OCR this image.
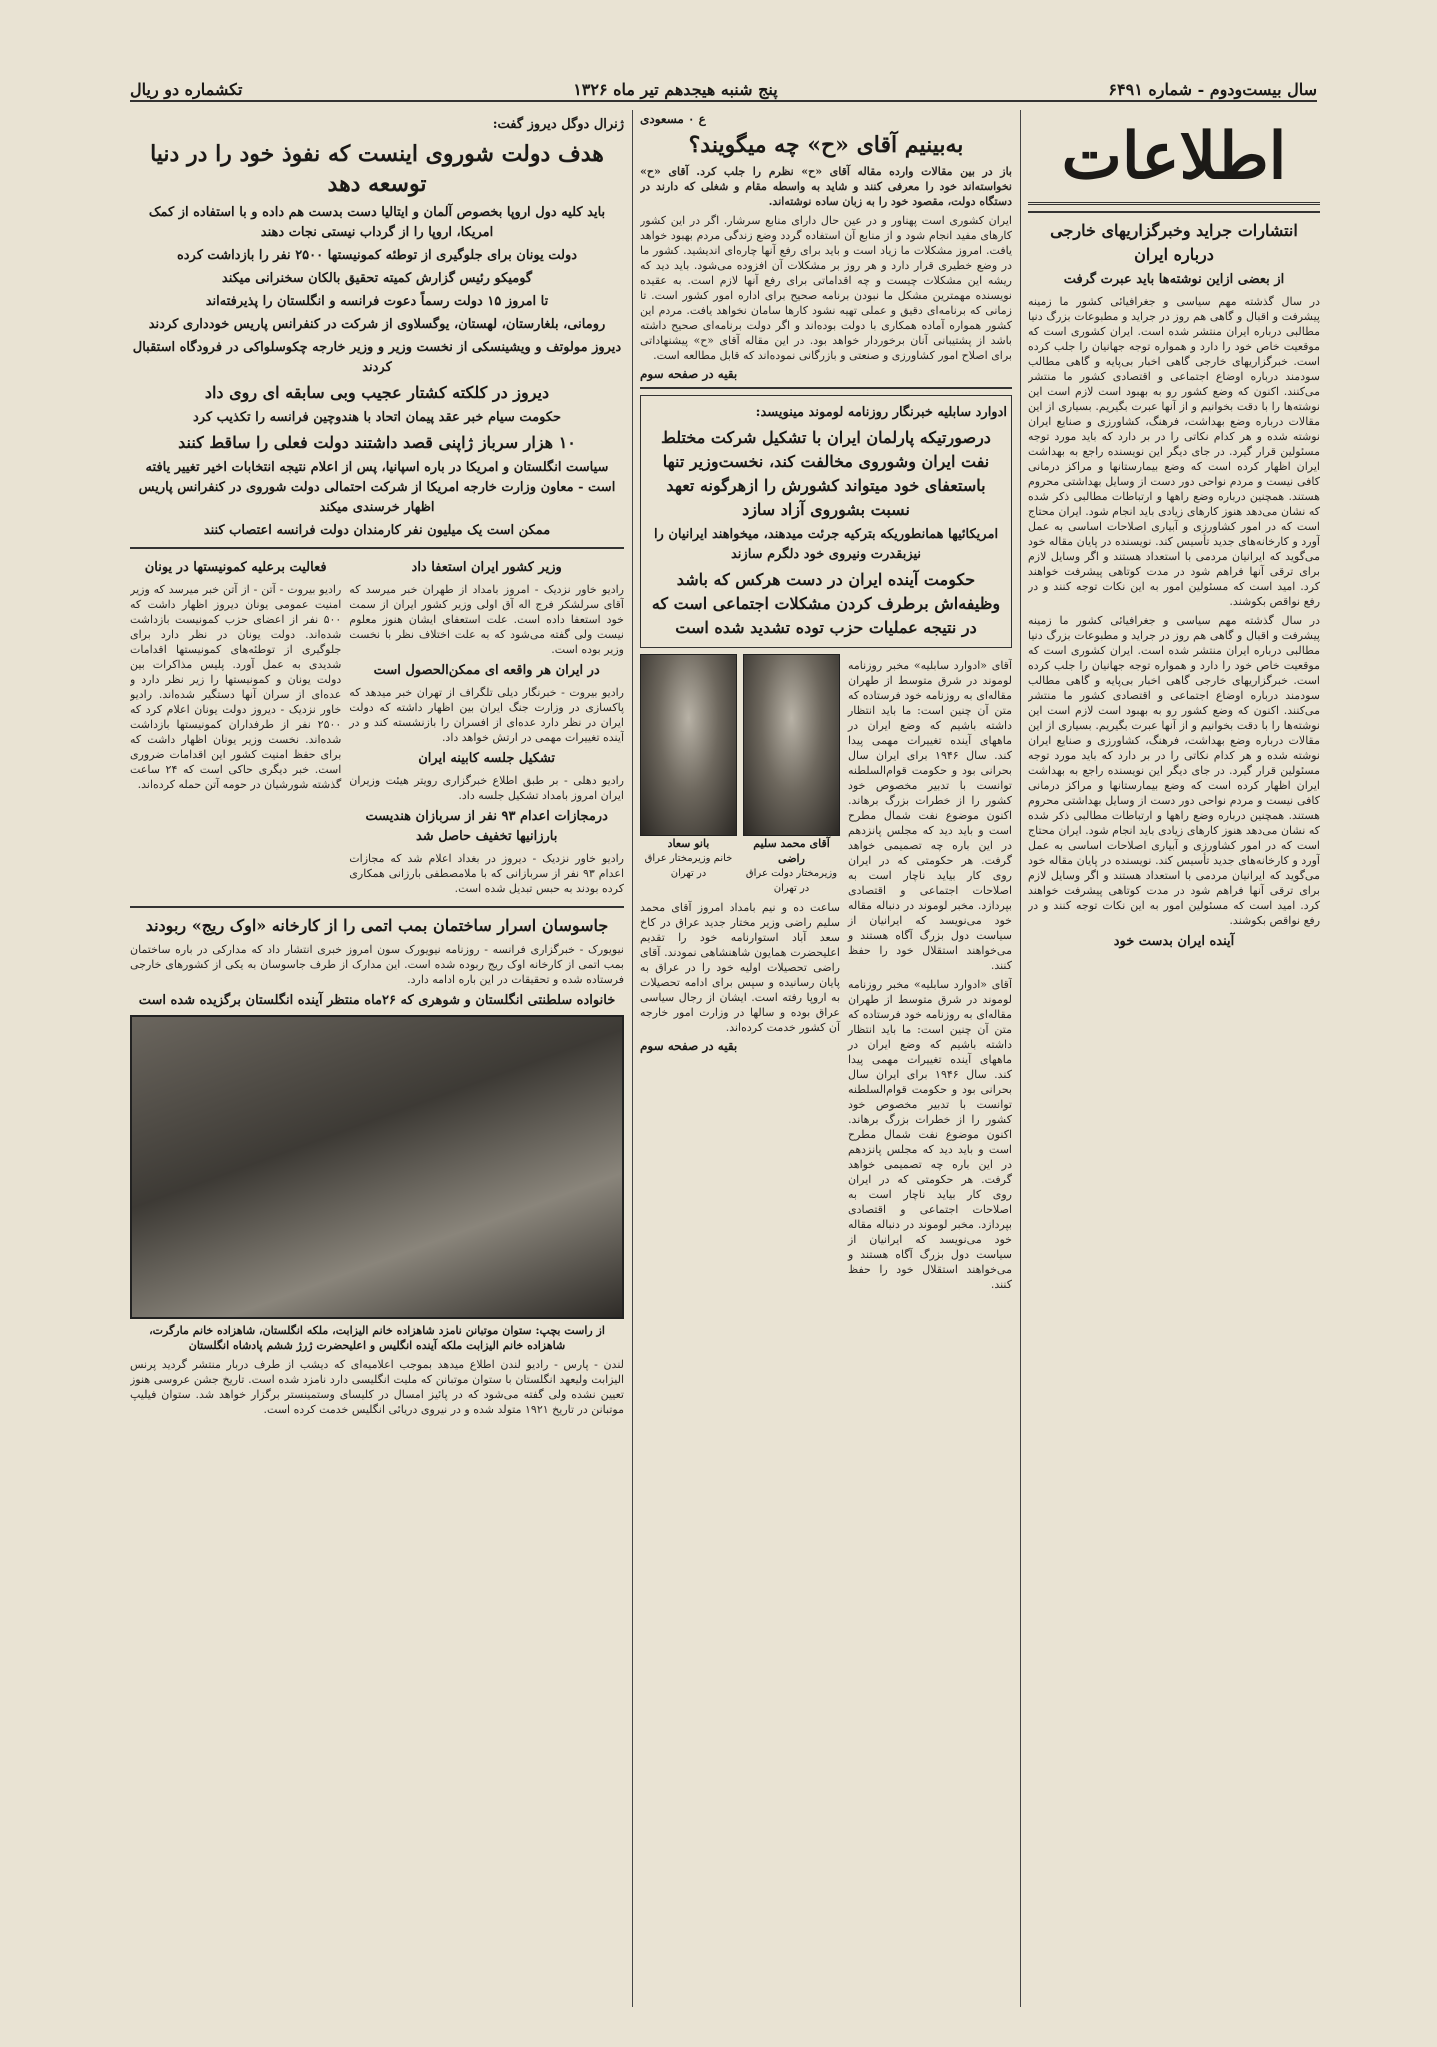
سال بیست‌ودوم - شماره ۶۴۹۱
پنج شنبه هیجدهم تیر ماه ۱۳۲۶
تکشماره دو ریال
اطلاعات
انتشارات جراید وخبرگزاریهای خارجی درباره ایران
از بعضی ازاین نوشته‌ها باید عبرت گرفت
در سال گذشته مهم سیاسی و جغرافیائی کشور ما زمینه پیشرفت و اقبال و گاهی هم روز در جراید و مطبوعات بزرگ دنیا مطالبی درباره ایران منتشر شده است. ایران کشوری است که موقعیت خاص خود را دارد و همواره توجه جهانیان را جلب کرده است. خبرگزاریهای خارجی گاهی اخبار بی‌پایه و گاهی مطالب سودمند درباره اوضاع اجتماعی و اقتصادی کشور ما منتشر می‌کنند. اکنون که وضع کشور رو به بهبود است لازم است این نوشته‌ها را با دقت بخوانیم و از آنها عبرت بگیریم. بسیاری از این مقالات درباره وضع بهداشت، فرهنگ، کشاورزی و صنایع ایران نوشته شده و هر کدام نکاتی را در بر دارد که باید مورد توجه مسئولین قرار گیرد. در جای دیگر این نویسنده راجع به بهداشت ایران اظهار کرده است که وضع بیمارستانها و مراکز درمانی کافی نیست و مردم نواحی دور دست از وسایل بهداشتی محروم هستند. همچنین درباره وضع راهها و ارتباطات مطالبی ذکر شده که نشان می‌دهد هنوز کارهای زیادی باید انجام شود. ایران محتاج است که در امور کشاورزی و آبیاری اصلاحات اساسی به عمل آورد و کارخانه‌های جدید تأسیس کند. نویسنده در پایان مقاله خود می‌گوید که ایرانیان مردمی با استعداد هستند و اگر وسایل لازم برای ترقی آنها فراهم شود در مدت کوتاهی پیشرفت خواهند کرد. امید است که مسئولین امور به این نکات توجه کنند و در رفع نواقص بکوشند.
در سال گذشته مهم سیاسی و جغرافیائی کشور ما زمینه پیشرفت و اقبال و گاهی هم روز در جراید و مطبوعات بزرگ دنیا مطالبی درباره ایران منتشر شده است. ایران کشوری است که موقعیت خاص خود را دارد و همواره توجه جهانیان را جلب کرده است. خبرگزاریهای خارجی گاهی اخبار بی‌پایه و گاهی مطالب سودمند درباره اوضاع اجتماعی و اقتصادی کشور ما منتشر می‌کنند. اکنون که وضع کشور رو به بهبود است لازم است این نوشته‌ها را با دقت بخوانیم و از آنها عبرت بگیریم. بسیاری از این مقالات درباره وضع بهداشت، فرهنگ، کشاورزی و صنایع ایران نوشته شده و هر کدام نکاتی را در بر دارد که باید مورد توجه مسئولین قرار گیرد. در جای دیگر این نویسنده راجع به بهداشت ایران اظهار کرده است که وضع بیمارستانها و مراکز درمانی کافی نیست و مردم نواحی دور دست از وسایل بهداشتی محروم هستند. همچنین درباره وضع راهها و ارتباطات مطالبی ذکر شده که نشان می‌دهد هنوز کارهای زیادی باید انجام شود. ایران محتاج است که در امور کشاورزی و آبیاری اصلاحات اساسی به عمل آورد و کارخانه‌های جدید تأسیس کند. نویسنده در پایان مقاله خود می‌گوید که ایرانیان مردمی با استعداد هستند و اگر وسایل لازم برای ترقی آنها فراهم شود در مدت کوتاهی پیشرفت خواهند کرد. امید است که مسئولین امور به این نکات توجه کنند و در رفع نواقص بکوشند.
آینده ایران بدست خود
ع ۰ مسعودی
به‌بینیم آقای «ح» چه میگویند؟
باز در بین مقالات وارده مقاله آقای «ح» نظرم را جلب کرد. آقای «ح» نخواسته‌اند خود را معرفی کنند و شاید به واسطه مقام و شغلی که دارند در دستگاه دولت، مقصود خود را به زبان ساده نوشته‌اند.
ایران کشوری است پهناور و در عین حال دارای منابع سرشار. اگر در این کشور کارهای مفید انجام شود و از منابع آن استفاده گردد وضع زندگی مردم بهبود خواهد یافت. امروز مشکلات ما زیاد است و باید برای رفع آنها چاره‌ای اندیشید. کشور ما در وضع خطیری قرار دارد و هر روز بر مشکلات آن افزوده می‌شود. باید دید که ریشه این مشکلات چیست و چه اقداماتی برای رفع آنها لازم است. به عقیده نویسنده مهمترین مشکل ما نبودن برنامه صحیح برای اداره امور کشور است. تا زمانی که برنامه‌ای دقیق و عملی تهیه نشود کارها سامان نخواهد یافت. مردم این کشور همواره آماده همکاری با دولت بوده‌اند و اگر دولت برنامه‌ای صحیح داشته باشد از پشتیبانی آنان برخوردار خواهد بود. در این مقاله آقای «ح» پیشنهاداتی برای اصلاح امور کشاورزی و صنعتی و بازرگانی نموده‌اند که قابل مطالعه است.
بقیه در صفحه سوم
ادوارد سابلیه خبرنگار روزنامه لوموند مینویسد:
درصورتیکه پارلمان ایران با تشکیل شرکت مختلط نفت ایران وشوروی مخالفت کند، نخست‌وزیر تنها باستعفای خود میتواند کشورش را ازهرگونه تعهد نسبت بشوروی آزاد سازد
امریکائیها همانطوریکه بترکیه جرئت میدهند، میخواهند ایرانیان را نیزبقدرت ونیروی خود دلگرم سازند
حکومت آینده ایران در دست هرکس که باشد وظیفه‌اش برطرف کردن مشکلات اجتماعی است که در نتیجه عملیات حزب توده تشدید شده است
آقای «ادوارد سابلیه» مخبر روزنامه لوموند در شرق متوسط از طهران مقاله‌ای به روزنامه خود فرستاده که متن آن چنین است: ما باید انتظار داشته باشیم که وضع ایران در ماههای آینده تغییرات مهمی پیدا کند. سال ۱۹۴۶ برای ایران سال بحرانی بود و حکومت قوام‌السلطنه توانست با تدبیر مخصوص خود کشور را از خطرات بزرگ برهاند. اکنون موضوع نفت شمال مطرح است و باید دید که مجلس پانزدهم در این باره چه تصمیمی خواهد گرفت. هر حکومتی که در ایران روی کار بیاید ناچار است به اصلاحات اجتماعی و اقتصادی بپردازد. مخبر لوموند در دنباله مقاله خود می‌نویسد که ایرانیان از سیاست دول بزرگ آگاه هستند و می‌خواهند استقلال خود را حفظ کنند.
آقای «ادوارد سابلیه» مخبر روزنامه لوموند در شرق متوسط از طهران مقاله‌ای به روزنامه خود فرستاده که متن آن چنین است: ما باید انتظار داشته باشیم که وضع ایران در ماههای آینده تغییرات مهمی پیدا کند. سال ۱۹۴۶ برای ایران سال بحرانی بود و حکومت قوام‌السلطنه توانست با تدبیر مخصوص خود کشور را از خطرات بزرگ برهاند. اکنون موضوع نفت شمال مطرح است و باید دید که مجلس پانزدهم در این باره چه تصمیمی خواهد گرفت. هر حکومتی که در ایران روی کار بیاید ناچار است به اصلاحات اجتماعی و اقتصادی بپردازد. مخبر لوموند در دنباله مقاله خود می‌نویسد که ایرانیان از سیاست دول بزرگ آگاه هستند و می‌خواهند استقلال خود را حفظ کنند.
آقای محمد سلیم راضی
وزیرمختار دولت عراق در تهران
بانو سعاد
خانم وزیرمختار عراق در تهران
ساعت ده و نیم بامداد امروز آقای محمد سلیم راضی وزیر مختار جدید عراق در کاخ سعد آباد استوارنامه خود را تقدیم اعلیحضرت همایون شاهنشاهی نمودند. آقای راضی تحصیلات اولیه خود را در عراق به پایان رسانیده و سپس برای ادامه تحصیلات به اروپا رفته است. ایشان از رجال سیاسی عراق بوده و سالها در وزارت امور خارجه آن کشور خدمت کرده‌اند.
بقیه در صفحه سوم
ژنرال دوگل دیروز گفت:
هدف دولت شوروی اینست که نفوذ خود را در دنیا توسعه دهد
باید کلیه دول اروپا بخصوص آلمان و ایتالیا دست بدست هم داده و با استفاده از کمک امریکا، اروپا را از گرداب نیستی نجات دهند
دولت یونان برای جلوگیری از توطئه کمونیستها ۲۵۰۰ نفر را بازداشت کرده
گومیکو رئیس گزارش کمیته تحقیق بالکان سخنرانی میکند
تا امروز ۱۵ دولت رسماً دعوت فرانسه و انگلستان را پذیرفته‌اند
رومانی، بلغارستان، لهستان، یوگسلاوی از شرکت در کنفرانس پاریس خودداری کردند
دیروز مولوتف و ویشینسکی از نخست وزیر و وزیر خارجه چکوسلواکی در فرودگاه استقبال کردند
دیروز در کلکته کشتار عجیب وبی سابقه ای روی داد
حکومت سیام خبر عقد پیمان اتحاد با هندوچین فرانسه را تکذیب کرد
۱۰ هزار سرباز ژاپنی قصد داشتند دولت فعلی را ساقط کنند
سیاست انگلستان و امریکا در باره اسپانیا، پس از اعلام نتیجه انتخابات اخیر تغییر یافته است - معاون وزارت خارجه امریکا از شرکت احتمالی دولت شوروی در کنفرانس پاریس اظهار خرسندی میکند
ممکن است یک میلیون نفر کارمندان دولت فرانسه اعتصاب کنند
وزیر کشور ایران استعفا داد
رادیو خاور نزدیک - امروز بامداد از طهران خبر میرسد که آقای سرلشکر فرج اله آق اولی وزیر کشور ایران از سمت خود استعفا داده است. علت استعفای ایشان هنوز معلوم نیست ولی گفته می‌شود که به علت اختلاف نظر با نخست وزیر بوده است.
در ایران هر واقعه ای ممکن‌الحصول است
رادیو بیروت - خبرنگار دیلی تلگراف از تهران خبر میدهد که پاکسازی در وزارت جنگ ایران بین اظهار داشته که دولت ایران در نظر دارد عده‌ای از افسران را بازنشسته کند و در آینده تغییرات مهمی در ارتش خواهد داد.
تشکیل جلسه کابینه ایران
رادیو دهلی - بر طبق اطلاع خبرگزاری رویتر هیئت وزیران ایران امروز بامداد تشکیل جلسه داد.
درمجازات اعدام ۹۳ نفر از سربازان هندیست بارزانیها تخفیف حاصل شد
رادیو خاور نزدیک - دیروز در بغداد اعلام شد که مجازات اعدام ۹۳ نفر از سربازانی که با ملامصطفی بارزانی همکاری کرده بودند به حبس تبدیل شده است.
فعالیت برعلیه کمونیستها در یونان
رادیو بیروت - آتن - از آتن خبر میرسد که وزیر امنیت عمومی یونان دیروز اظهار داشت که ۵۰۰ نفر از اعضای حزب کمونیست بازداشت شده‌اند. دولت یونان در نظر دارد برای جلوگیری از توطئه‌های کمونیستها اقدامات شدیدی به عمل آورد. پلیس مذاکرات بین دولت یونان و کمونیستها را زیر نظر دارد و عده‌ای از سران آنها دستگیر شده‌اند. رادیو خاور نزدیک - دیروز دولت یونان اعلام کرد که ۲۵۰۰ نفر از طرفداران کمونیستها بازداشت شده‌اند. نخست وزیر یونان اظهار داشت که برای حفظ امنیت کشور این اقدامات ضروری است. خبر دیگری حاکی است که ۲۴ ساعت گذشته شورشیان در حومه آتن حمله کرده‌اند.
جاسوسان اسرار ساختمان بمب اتمی را از کارخانه «اوک ریج» ربودند
نیویورک - خبرگزاری فرانسه - روزنامه نیویورک سون امروز خبری انتشار داد که مدارکی در باره ساختمان بمب اتمی از کارخانه اوک ریج ربوده شده است. این مدارک از طرف جاسوسان به یکی از کشورهای خارجی فرستاده شده و تحقیقات در این باره ادامه دارد.
خانواده سلطنتی انگلستان و شوهری که ۲۶ماه منتظر آینده انگلستان برگزیده شده است
از راست بچپ: ستوان موتبانن نامزد شاهزاده خانم الیزابت، ملکه انگلستان، شاهزاده خانم مارگرت، شاهزاده خانم الیزابت ملکه آینده انگلیس و اعلیحضرت ژرژ ششم پادشاه انگلستان
لندن - پارس - رادیو لندن اطلاع میدهد بموجب اعلامیه‌ای که دیشب از طرف دربار منتشر گردید پرنس الیزابت ولیعهد انگلستان با ستوان موتبانن که ملیت انگلیسی دارد نامزد شده است. تاریخ جشن عروسی هنوز تعیین نشده ولی گفته می‌شود که در پائیز امسال در کلیسای وستمینستر برگزار خواهد شد. ستوان فیلیپ موتبانن در تاریخ ۱۹۲۱ متولد شده و در نیروی دریائی انگلیس خدمت کرده است.
